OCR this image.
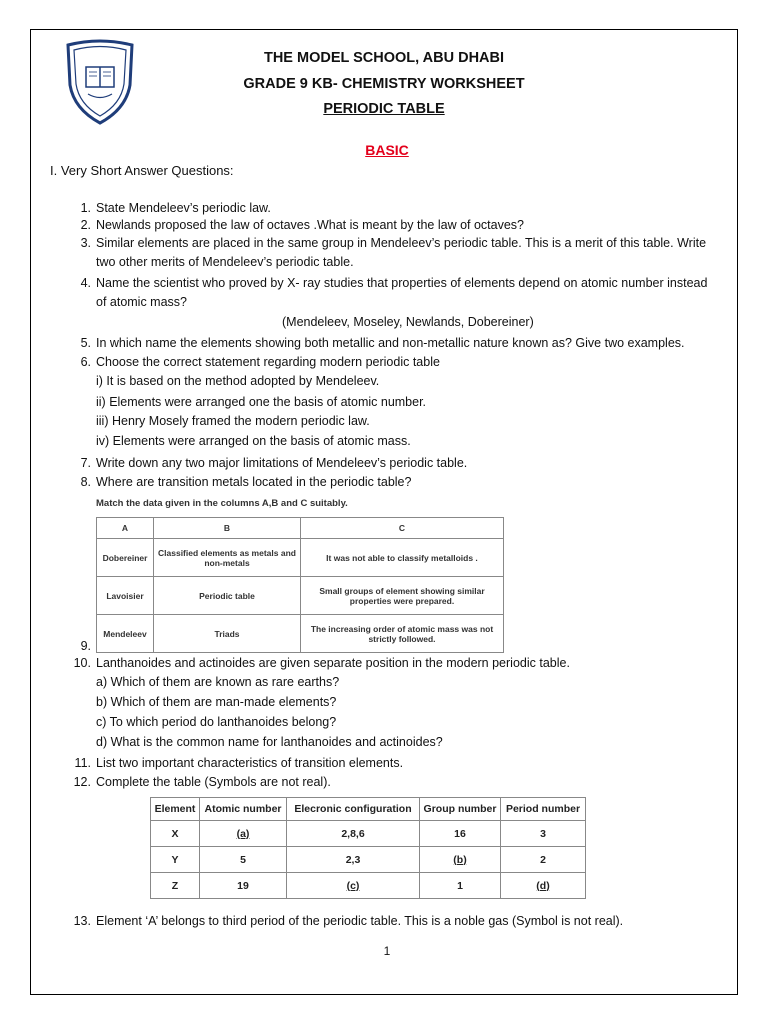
THE MODEL SCHOOL, ABU DHABI
GRADE 9 KB- CHEMISTRY WORKSHEET
PERIODIC TABLE
BASIC
I. Very Short Answer Questions:
1. State Mendeleev’s periodic law.
2. Newlands proposed the law of octaves .What is meant by the law of octaves?
3. Similar elements are placed in the same group in Mendeleev’s periodic table. This is a merit of this table. Write
two other merits of Mendeleev’s periodic table.
4. Name the scientist who proved by X- ray studies that properties of elements depend on atomic number instead
of atomic mass?
(Mendeleev, Moseley, Newlands, Dobereiner)
5. In which name the elements showing both metallic and non-metallic nature known as? Give two examples.
6. Choose the correct statement regarding modern periodic table
i) It is based on the method adopted by Mendeleev.
ii) Elements were arranged one the basis of atomic number.
iii) Henry Mosely framed the modern periodic law.
iv) Elements were arranged on the basis of atomic mass.
7. Write down any two major limitations of Mendeleev’s periodic table.
8. Where are transition metals located in the periodic table?
Match the data given in the columns A,B and C suitably.
A	B	C
Dobereiner	Classified elements as metals and non-metals	It was not able to classify metalloids .
Lavoisier	Periodic table	Small groups of element showing similar properties were prepared.
Mendeleev	Triads	The increasing order of atomic mass was not strictly followed.
9.
10. Lanthanoides and actinoides are given separate position in the modern periodic table.
a) Which of them are known as rare earths?
b) Which of them are man-made elements?
c) To which period do lanthanoides belong?
d) What is the common name for lanthanoides and actinoides?
11. List two important characteristics of transition elements.
12. Complete the table (Symbols are not real).
Element	Atomic number	Elecronic configuration	Group number	Period number
X	(a)	2,8,6	16	3
Y	5	2,3	(b)	2
Z	19	(c)	1	(d)
13. Element ‘A’ belongs to third period of the periodic table. This is a noble gas (Symbol is not real).
1
